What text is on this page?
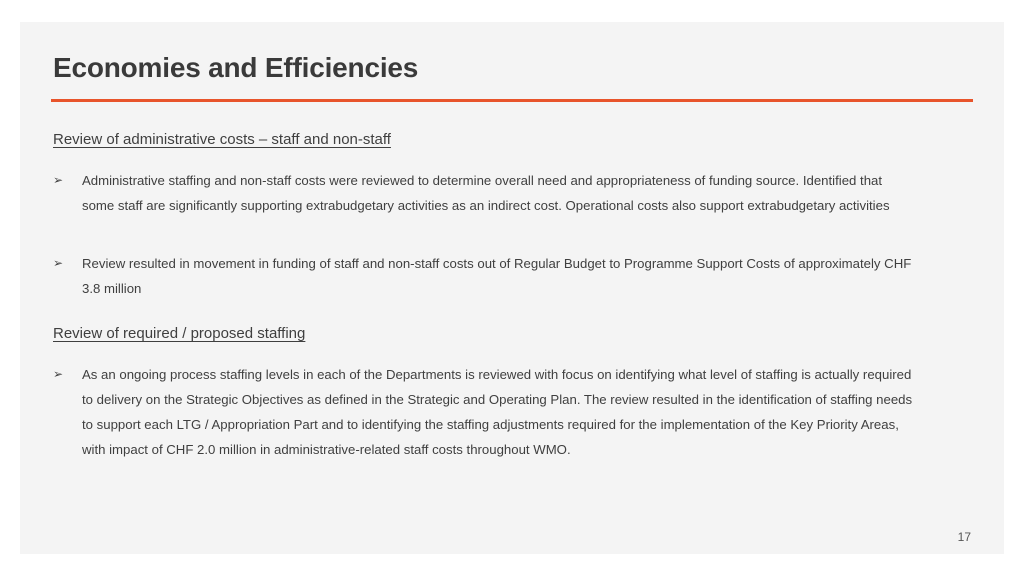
Economies and Efficiencies
Review of administrative costs – staff and non-staff
➢ Administrative staffing and non-staff costs were reviewed to determine overall need and appropriateness of funding source. Identified that some staff are significantly supporting extrabudgetary activities as an indirect cost. Operational costs also support extrabudgetary activities
➢ Review resulted in movement in funding of staff and non-staff costs out of Regular Budget to Programme Support Costs of approximately CHF 3.8 million
Review of required / proposed staffing
➢ As an ongoing process staffing levels in each of the Departments is reviewed with focus on identifying what level of staffing is actually required to delivery on the Strategic Objectives as defined in the Strategic and Operating Plan. The review resulted in the identification of staffing needs to support each LTG / Appropriation Part and to identifying the staffing adjustments required for the implementation of the Key Priority Areas, with impact of CHF 2.0 million in administrative-related staff costs throughout WMO.
17
